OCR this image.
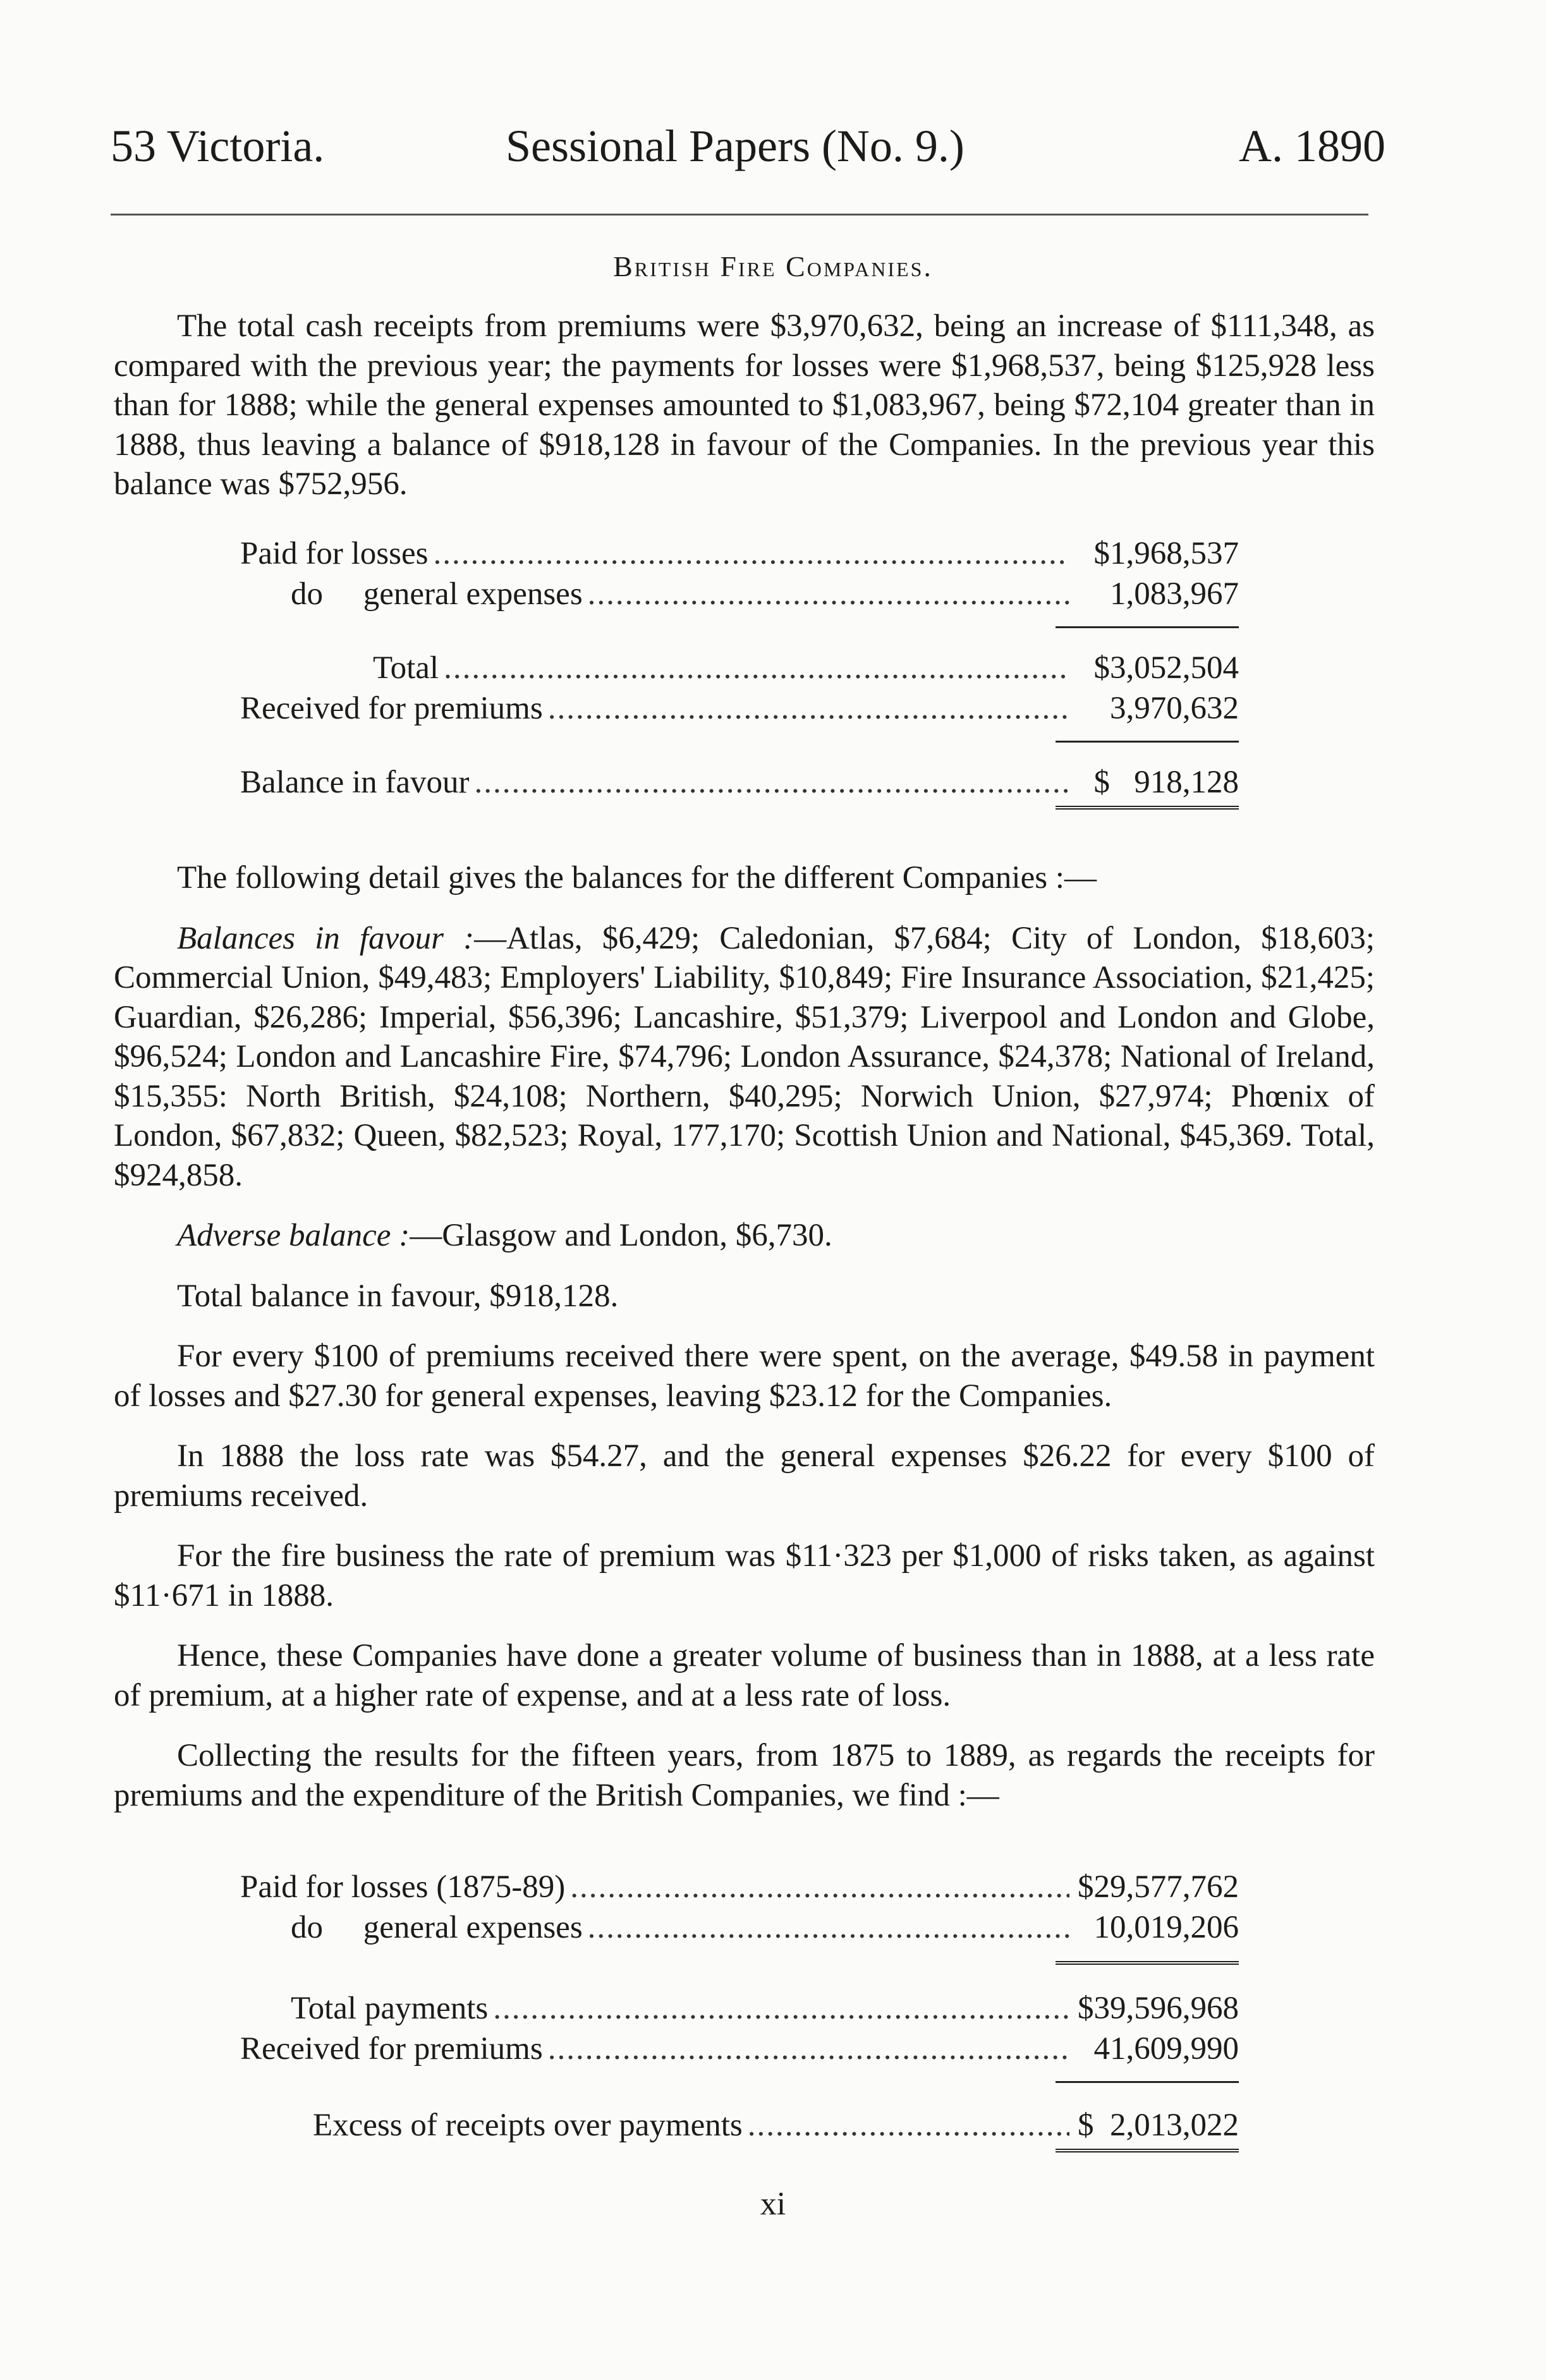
53 Victoria.	Sessional Papers (No. 9.)	A. 1890
British Fire Companies.

The total cash receipts from premiums were $3,970,632, being an increase of $111,348, as compared with the previous year; the payments for losses were $1,968,537, being $125,928 less than for 1888; while the general expenses amounted to $1,083,967, being $72,104 greater than in 1888, thus leaving a balance of $918,128 in favour of the Companies. In the previous year this balance was $752,956.

Paid for losses .....	$1,968,537
do     general expenses .....	1,083,967
Total .....	$3,052,504
Received for premiums .....	3,970,632
Balance in favour .....	$   918,128

The following detail gives the balances for the different Companies :—

Balances in favour :—Atlas, $6,429; Caledonian, $7,684; City of London, $18,603; Commercial Union, $49,483; Employers' Liability, $10,849; Fire Insurance Association, $21,425; Guardian, $26,286; Imperial, $56,396; Lancashire, $51,379; Liverpool and London and Globe, $96,524; London and Lancashire Fire, $74,796; London Assurance, $24,378; National of Ireland, $15,355: North British, $24,108; Northern, $40,295; Norwich Union, $27,974; Phœnix of London, $67,832; Queen, $82,523; Royal, 177,170; Scottish Union and National, $45,369. Total, $924,858.

Adverse balance :—Glasgow and London, $6,730.

Total balance in favour, $918,128.

For every $100 of premiums received there were spent, on the average, $49.58 in payment of losses and $27.30 for general expenses, leaving $23.12 for the Companies.

In 1888 the loss rate was $54.27, and the general expenses $26.22 for every $100 of premiums received.

For the fire business the rate of premium was $11·323 per $1,000 of risks taken, as against $11·671 in 1888.

Hence, these Companies have done a greater volume of business than in 1888, at a less rate of premium, at a higher rate of expense, and at a less rate of loss.

Collecting the results for the fifteen years, from 1875 to 1889, as regards the receipts for premiums and the expenditure of the British Companies, we find :—

Paid for losses (1875-89) .....	$29,577,762
do     general expenses .....	10,019,206
Total payments .....	$39,596,968
Received for premiums .....	41,609,990
Excess of receipts over payments .....	$  2,013,022
xi
